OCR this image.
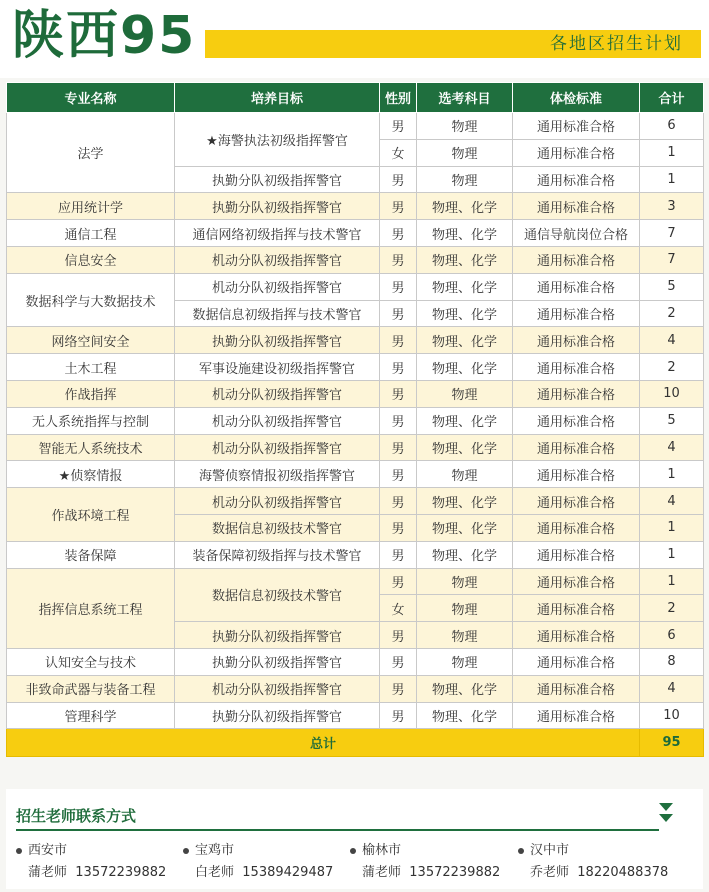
陕西95	各地区招生计划
专业名称	培养目标	性别	选考科目	体检标准	合计
法学	★海警执法初级指挥警官	男	物理	通用标准合格	6
		女	物理	通用标准合格	1
	执勤分队初级指挥警官	男	物理	通用标准合格	1
应用统计学	执勤分队初级指挥警官	男	物理、化学	通用标准合格	3
通信工程	通信网络初级指挥与技术警官	男	物理、化学	通信导航岗位合格	7
信息安全	机动分队初级指挥警官	男	物理、化学	通用标准合格	7
数据科学与大数据技术	机动分队初级指挥警官	男	物理、化学	通用标准合格	5
	数据信息初级指挥与技术警官	男	物理、化学	通用标准合格	2
网络空间安全	执勤分队初级指挥警官	男	物理、化学	通用标准合格	4
土木工程	军事设施建设初级指挥警官	男	物理、化学	通用标准合格	2
作战指挥	机动分队初级指挥警官	男	物理	通用标准合格	10
无人系统指挥与控制	机动分队初级指挥警官	男	物理、化学	通用标准合格	5
智能无人系统技术	机动分队初级指挥警官	男	物理、化学	通用标准合格	4
★侦察情报	海警侦察情报初级指挥警官	男	物理	通用标准合格	1
作战环境工程	机动分队初级指挥警官	男	物理、化学	通用标准合格	4
	数据信息初级技术警官	男	物理、化学	通用标准合格	1
装备保障	装备保障初级指挥与技术警官	男	物理、化学	通用标准合格	1
指挥信息系统工程	数据信息初级技术警官	男	物理	通用标准合格	1
		女	物理	通用标准合格	2
	执勤分队初级指挥警官	男	物理	通用标准合格	6
认知安全与技术	执勤分队初级指挥警官	男	物理	通用标准合格	8
非致命武器与装备工程	机动分队初级指挥警官	男	物理、化学	通用标准合格	4
管理科学	执勤分队初级指挥警官	男	物理、化学	通用标准合格	10
总计					95
招生老师联系方式
西安市
蒲老师 13572239882
宝鸡市
白老师 15389429487
榆林市
蒲老师 13572239882
汉中市
乔老师 18220488378
